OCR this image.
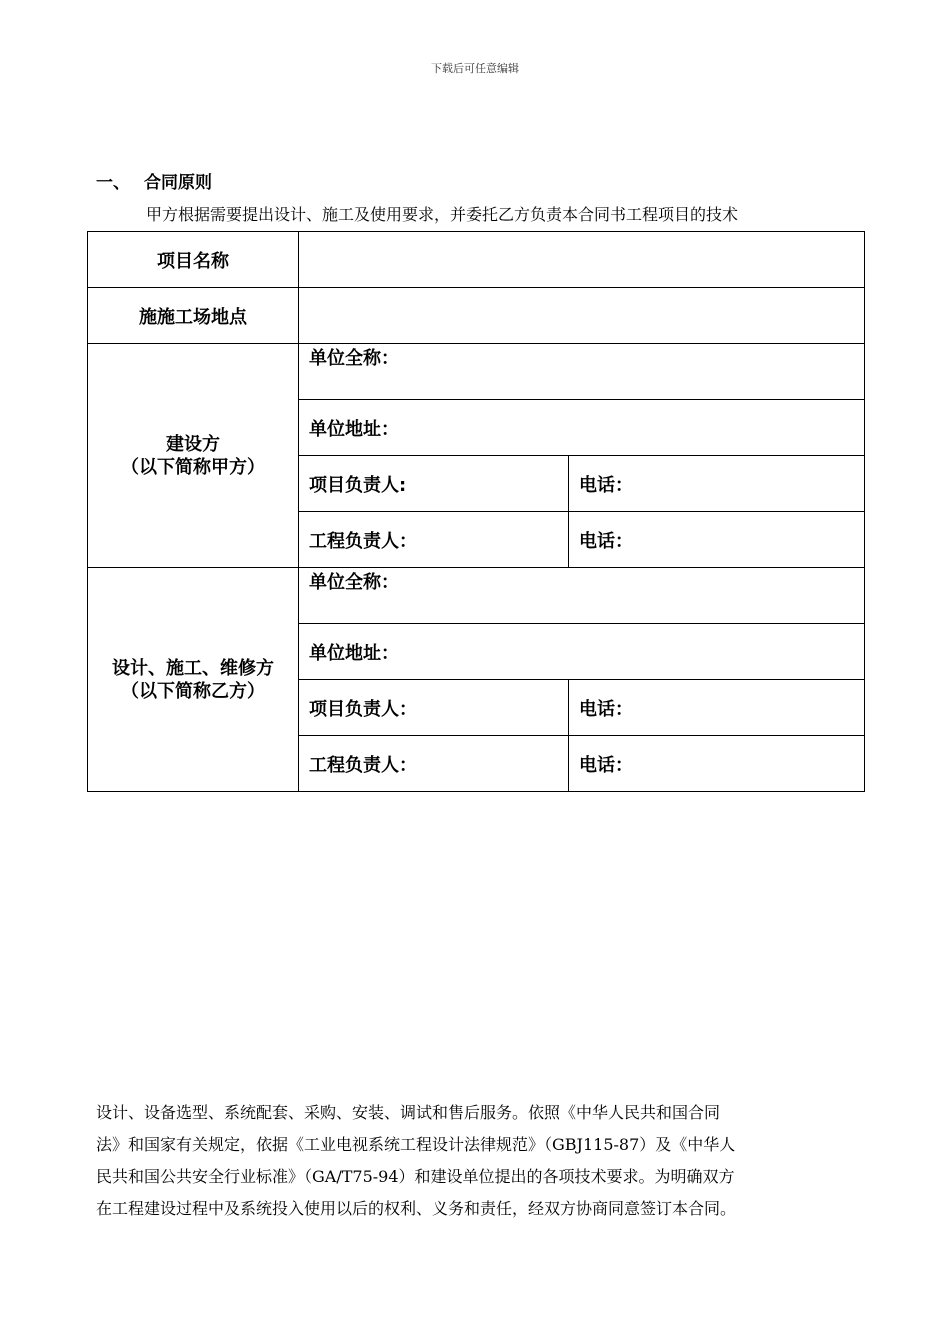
下载后可任意编辑
一、 合同原则
甲方根据需要提出设计、施工及使用要求，并委托乙方负责本合同书工程项目的技术
项目名称		
施施工场地点		

建设方
（以下简称甲方）	单位全称：	
	单位地址：	
	项目负责人:	电话：
	工程负责人：	电话：

设计、施工、维修方
（以下简称乙方）	单位全称：	
	单位地址：	
	项目负责人：	电话：
	工程负责人：	电话：

设计、设备选型、系统配套、采购、安装、调试和售后服务。依照《中华人民共和国合同

法》和国家有关规定，依据《工业电视系统工程设计法律规范》（GBJ115-87）及《中华人

民共和国公共安全行业标准》（GA/T75-94）和建设单位提出的各项技术要求。为明确双方

在工程建设过程中及系统投入使用以后的权利、义务和责任，经双方协商同意签订本合同。
